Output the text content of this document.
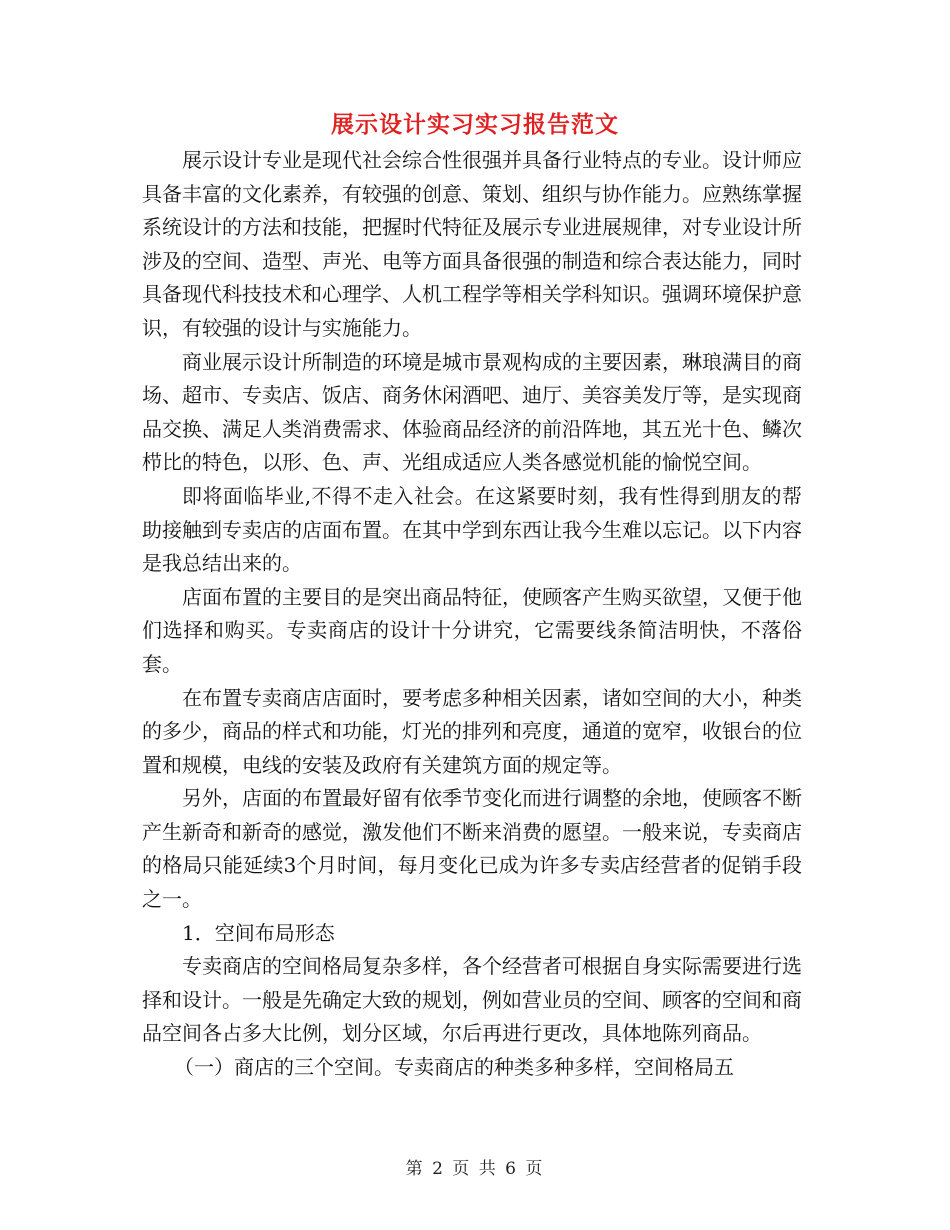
展示设计实习实习报告范文

展示设计专业是现代社会综合性很强并具备行业特点的专业。设计师应具备丰富的文化素养，有较强的创意、策划、组织与协作能力。应熟练掌握系统设计的方法和技能，把握时代特征及展示专业进展规律，对专业设计所涉及的空间、造型、声光、电等方面具备很强的制造和综合表达能力，同时具备现代科技技术和心理学、人机工程学等相关学科知识。强调环境保护意识，有较强的设计与实施能力。

商业展示设计所制造的环境是城市景观构成的主要因素，琳琅满目的商场、超市、专卖店、饭店、商务休闲酒吧、迪厅、美容美发厅等，是实现商品交换、满足人类消费需求、体验商品经济的前沿阵地，其五光十色、鳞次栉比的特色，以形、色、声、光组成适应人类各感觉机能的愉悦空间。

即将面临毕业,不得不走入社会。在这紧要时刻，我有性得到朋友的帮助接触到专卖店的店面布置。在其中学到东西让我今生难以忘记。以下内容是我总结出来的。

店面布置的主要目的是突出商品特征，使顾客产生购买欲望，又便于他们选择和购买。专卖商店的设计十分讲究，它需要线条简洁明快，不落俗套。

在布置专卖商店店面时，要考虑多种相关因素，诸如空间的大小，种类的多少，商品的样式和功能，灯光的排列和亮度，通道的宽窄，收银台的位置和规模，电线的安装及政府有关建筑方面的规定等。

另外，店面的布置最好留有依季节变化而进行调整的余地，使顾客不断产生新奇和新奇的感觉，激发他们不断来消费的愿望。一般来说，专卖商店的格局只能延续3个月时间，每月变化已成为许多专卖店经营者的促销手段之一。

1．空间布局形态

专卖商店的空间格局复杂多样，各个经营者可根据自身实际需要进行选择和设计。一般是先确定大致的规划，例如营业员的空间、顾客的空间和商品空间各占多大比例，划分区域，尔后再进行更改，具体地陈列商品。

（一）商店的三个空间。专卖商店的种类多种多样，空间格局五

第 2 页 共 6 页
